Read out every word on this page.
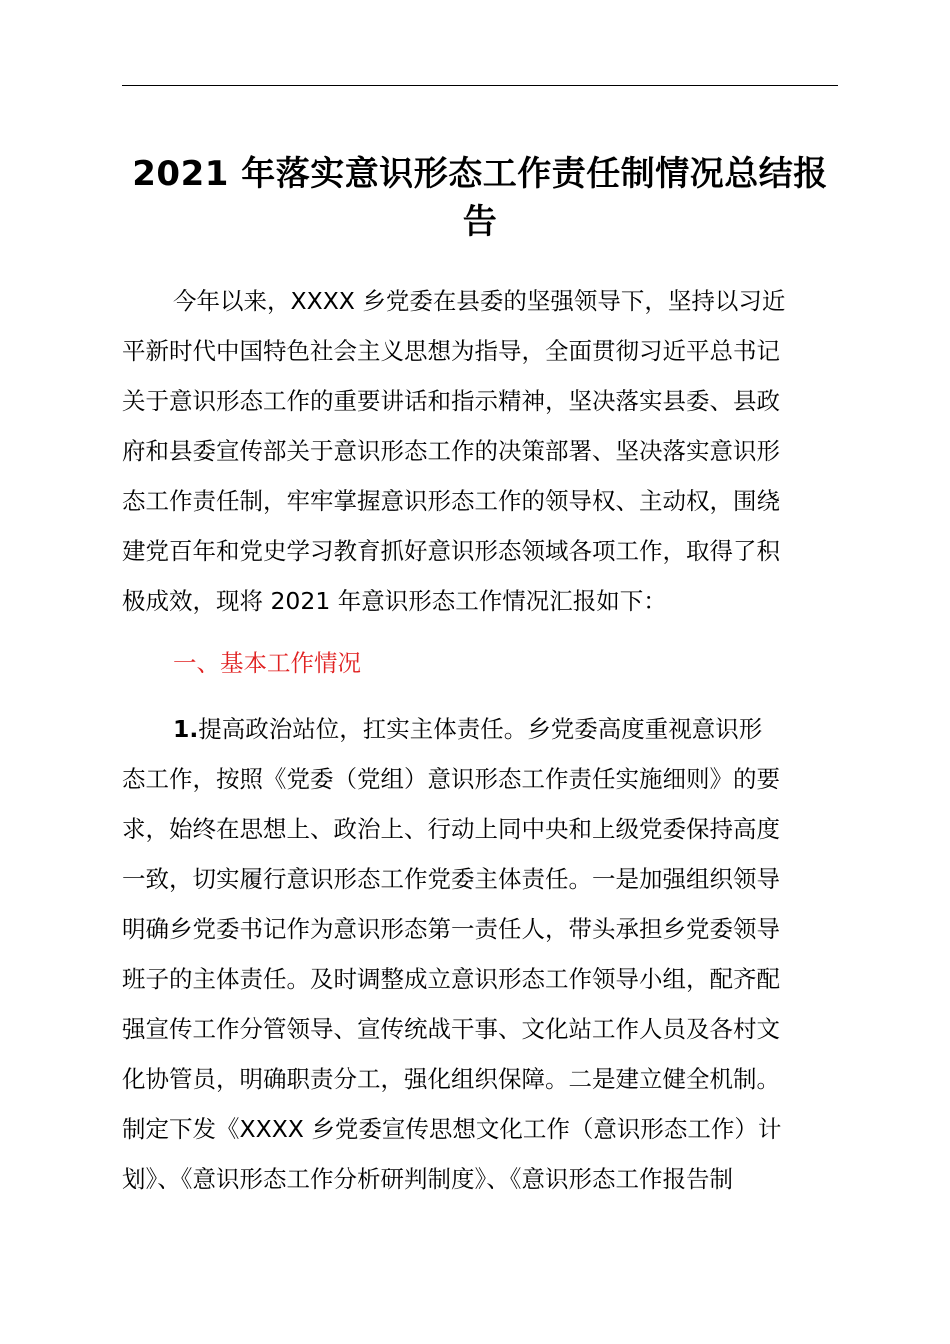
2021 年落实意识形态工作责任制情况总结报
告
今年以来，XXXX 乡党委在县委的坚强领导下，坚持以习近
平新时代中国特色社会主义思想为指导，全面贯彻习近平总书记
关于意识形态工作的重要讲话和指示精神，坚决落实县委、县政
府和县委宣传部关于意识形态工作的决策部署、坚决落实意识形
态工作责任制，牢牢掌握意识形态工作的领导权、主动权，围绕
建党百年和党史学习教育抓好意识形态领域各项工作，取得了积
极成效，现将 2021 年意识形态工作情况汇报如下：
一、基本工作情况
1.提高政治站位，扛实主体责任。乡党委高度重视意识形
态工作，按照《党委（党组）意识形态工作责任实施细则》的要
求，始终在思想上、政治上、行动上同中央和上级党委保持高度
一致，切实履行意识形态工作党委主体责任。一是加强组织领导
明确乡党委书记作为意识形态第一责任人，带头承担乡党委领导
班子的主体责任。及时调整成立意识形态工作领导小组，配齐配
强宣传工作分管领导、宣传统战干事、文化站工作人员及各村文
化协管员，明确职责分工，强化组织保障。二是建立健全机制。
制定下发《XXXX 乡党委宣传思想文化工作（意识形态工作）计
划》、《意识形态工作分析研判制度》、《意识形态工作报告制
